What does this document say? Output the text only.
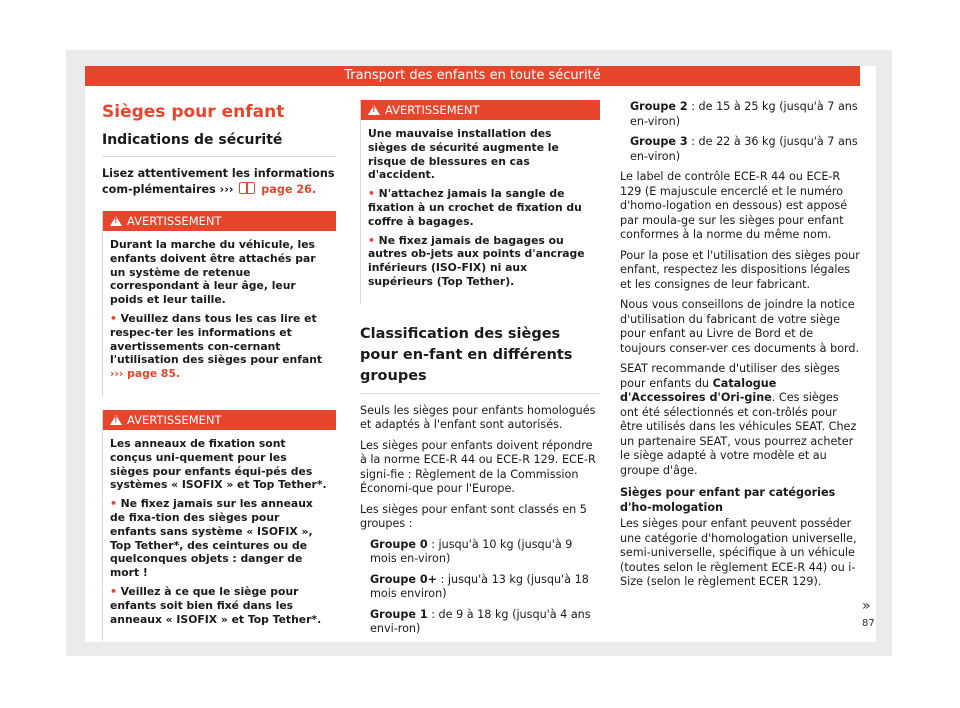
Transport des enfants en toute sécurité
Sièges pour enfant
Indications de sécurité

Lisez attentivement les informations com-plémentaires ››› page 26.

!AVERTISSEMENT

Durant la marche du véhicule, les enfants doivent être attachés par un système de retenue correspondant à leur âge, leur poids et leur taille.

• Veuillez dans tous les cas lire et respec-ter les informations et avertissements con-cernant l'utilisation des sièges pour enfant ››› page 85.

!AVERTISSEMENT

Les anneaux de fixation sont conçus uni-quement pour les sièges pour enfants équi-pés des systèmes « ISOFIX » et Top Tether*.

• Ne fixez jamais sur les anneaux de fixa-tion des sièges pour enfants sans système « ISOFIX », Top Tether*, des ceintures ou de quelconques objets : danger de mort !

• Veillez à ce que le siège pour enfants soit bien fixé dans les anneaux « ISOFIX » et Top Tether*.

!AVERTISSEMENT

Une mauvaise installation des sièges de sécurité augmente le risque de blessures en cas d'accident.

• N'attachez jamais la sangle de fixation à un crochet de fixation du coffre à bagages.

• Ne fixez jamais de bagages ou autres ob-jets aux points d'ancrage inférieurs (ISO-FIX) ni aux supérieurs (Top Tether).

Classification des sièges pour en-fant en différents groupes

Seuls les sièges pour enfants homologués et adaptés à l'enfant sont autorisés.

Les sièges pour enfants doivent répondre à la norme ECE-R 44 ou ECE-R 129. ECE-R signi-fie : Règlement de la Commission Économi-que pour l'Europe.

Les sièges pour enfant sont classés en 5 groupes :

Groupe 0 : jusqu'à 10 kg (jusqu'à 9 mois en-viron)

Groupe 0+ : jusqu'à 13 kg (jusqu'à 18 mois environ)

Groupe 1 : de 9 à 18 kg (jusqu'à 4 ans envi-ron)

Groupe 2 : de 15 à 25 kg (jusqu'à 7 ans en-viron)

Groupe 3 : de 22 à 36 kg (jusqu'à 7 ans en-viron)

Le label de contrôle ECE-R 44 ou ECE-R 129 (E majuscule encerclé et le numéro d'homo-logation en dessous) est apposé par moula-ge sur les sièges pour enfant conformes à la norme du même nom.

Pour la pose et l'utilisation des sièges pour enfant, respectez les dispositions légales et les consignes de leur fabricant.

Nous vous conseillons de joindre la notice d'utilisation du fabricant de votre siège pour enfant au Livre de Bord et de toujours conser-ver ces documents à bord.

SEAT recommande d'utiliser des sièges pour enfants du Catalogue d'Accessoires d'Ori-gine. Ces sièges ont été sélectionnés et con-trôlés pour être utilisés dans les véhicules SEAT. Chez un partenaire SEAT, vous pourrez acheter le siège adapté à votre modèle et au groupe d'âge.

Sièges pour enfant par catégories d'ho-mologation

Les sièges pour enfant peuvent posséder une catégorie d'homologation universelle, semi-universelle, spécifique à un véhicule (toutes selon le règlement ECE-R 44) ou i-Size (selon le règlement ECER 129).

»
87
